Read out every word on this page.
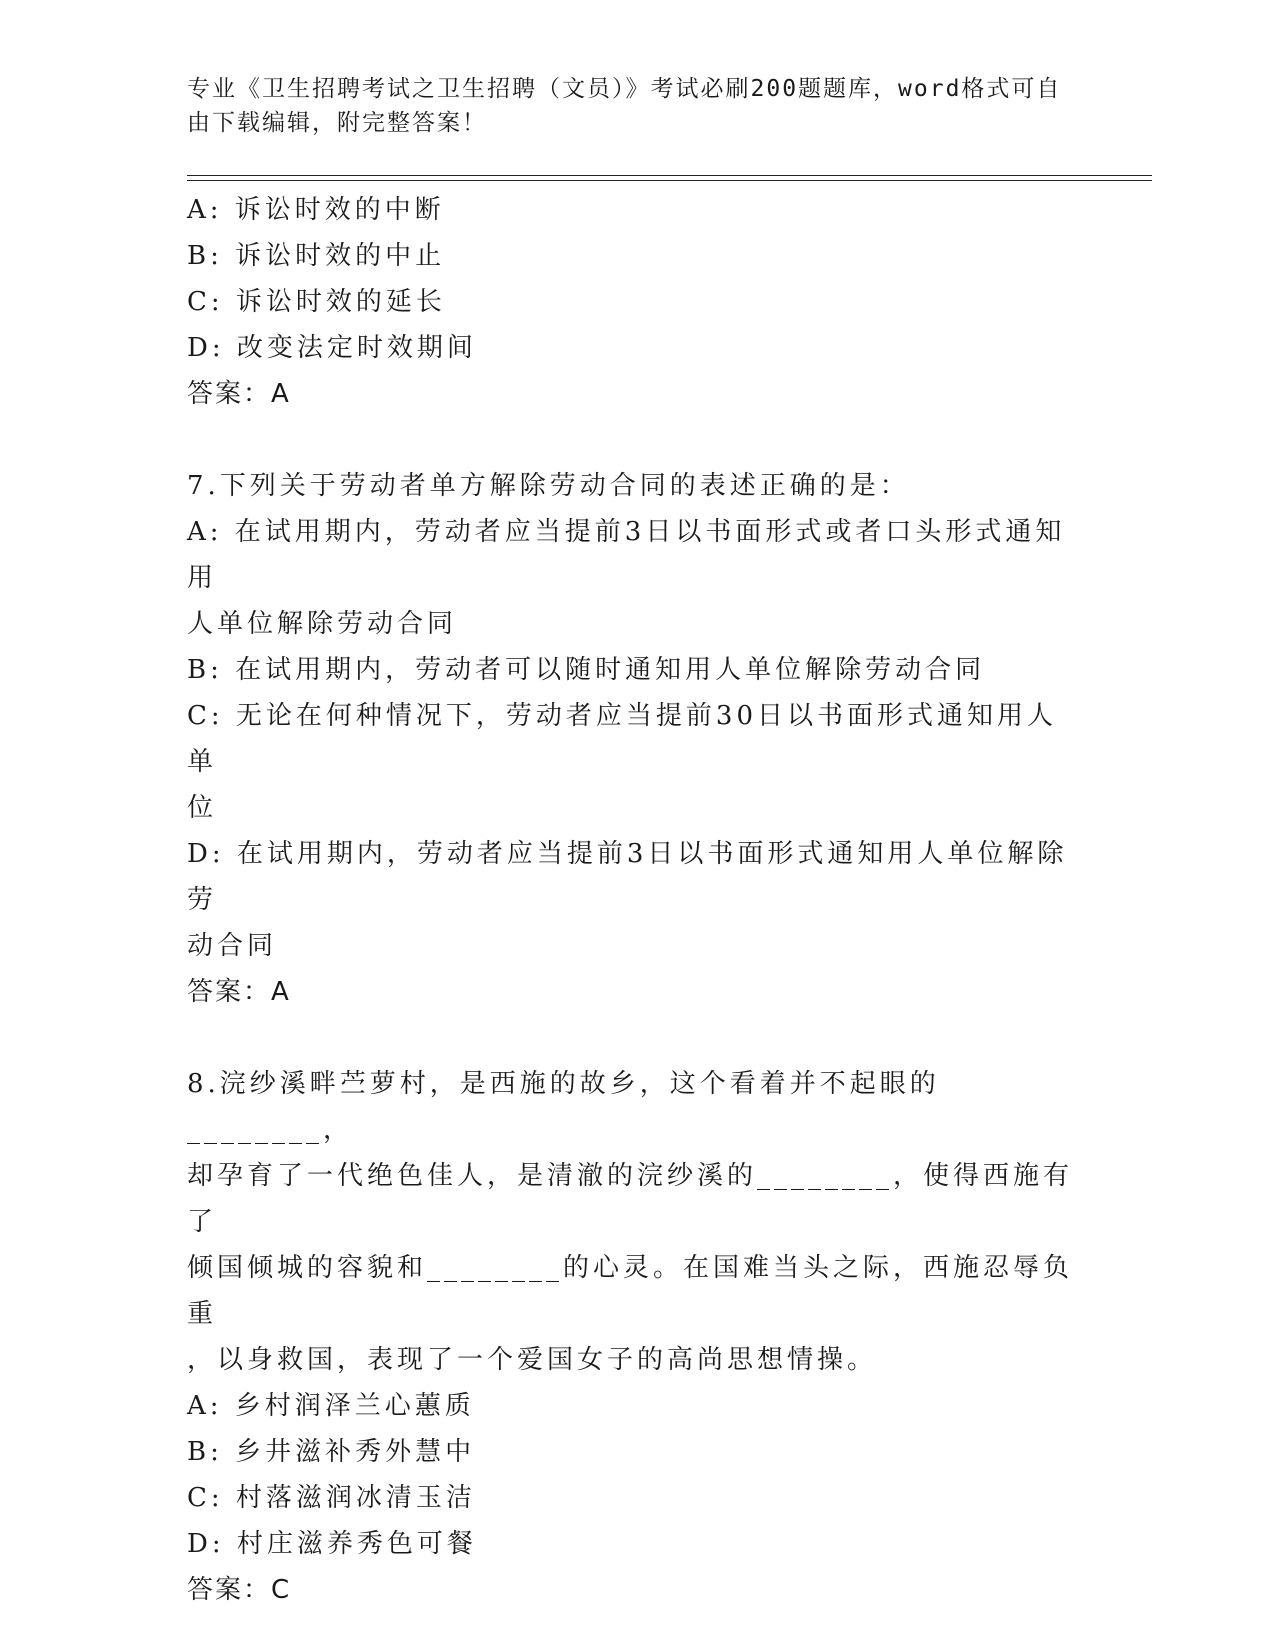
专业《卫生招聘考试之卫生招聘（文员）》考试必刷200题题库，word格式可自
由下载编辑，附完整答案！

A: 诉讼时效的中断

B: 诉讼时效的中止

C: 诉讼时效的延长

D: 改变法定时效期间

答案：A

7.下列关于劳动者单方解除劳动合同的表述正确的是：

A: 在试用期内，劳动者应当提前3日以书面形式或者口头形式通知用

人单位解除劳动合同

B: 在试用期内，劳动者可以随时通知用人单位解除劳动合同

C: 无论在何种情况下，劳动者应当提前30日以书面形式通知用人单

位

D: 在试用期内，劳动者应当提前3日以书面形式通知用人单位解除劳

动合同

答案：A

8.浣纱溪畔苎萝村，是西施的故乡，这个看着并不起眼的________，

却孕育了一代绝色佳人，是清澈的浣纱溪的________，使得西施有了

倾国倾城的容貌和________的心灵。在国难当头之际，西施忍辱负重

，以身救国，表现了一个爱国女子的高尚思想情操。

A: 乡村润泽兰心蕙质

B: 乡井滋补秀外慧中

C: 村落滋润冰清玉洁

D: 村庄滋养秀色可餐

答案：C
